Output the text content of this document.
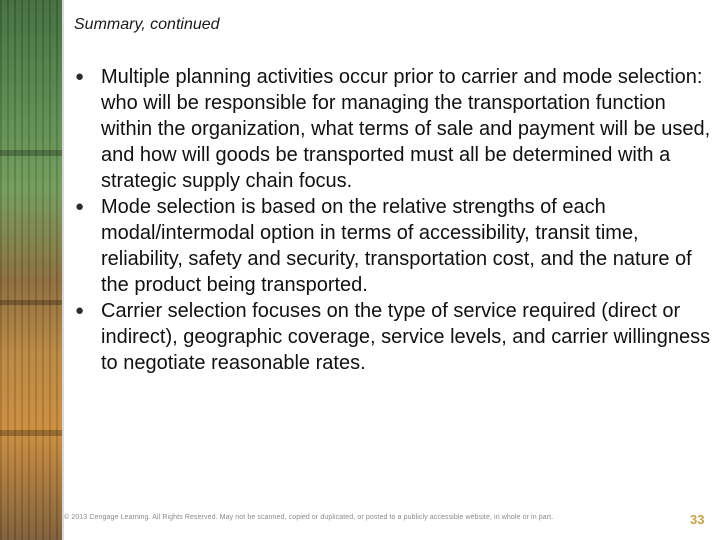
Summary, continued
● Multiple planning activities occur prior to carrier and mode selection: who will be responsible for managing the transportation function within the organization, what terms of sale and payment will be used, and how will goods be transported must all be determined with a strategic supply chain focus.
● Mode selection is based on the relative strengths of each modal/intermodal option in terms of accessibility, transit time, reliability, safety and security, transportation cost, and the nature of the product being transported.
● Carrier selection focuses on the type of service required (direct or indirect), geographic coverage, service levels, and carrier willingness to negotiate reasonable rates.
© 2013 Cengage Learning. All Rights Reserved. May not be scanned, copied or duplicated, or posted to a publicly accessible website, in whole or in part.	33
